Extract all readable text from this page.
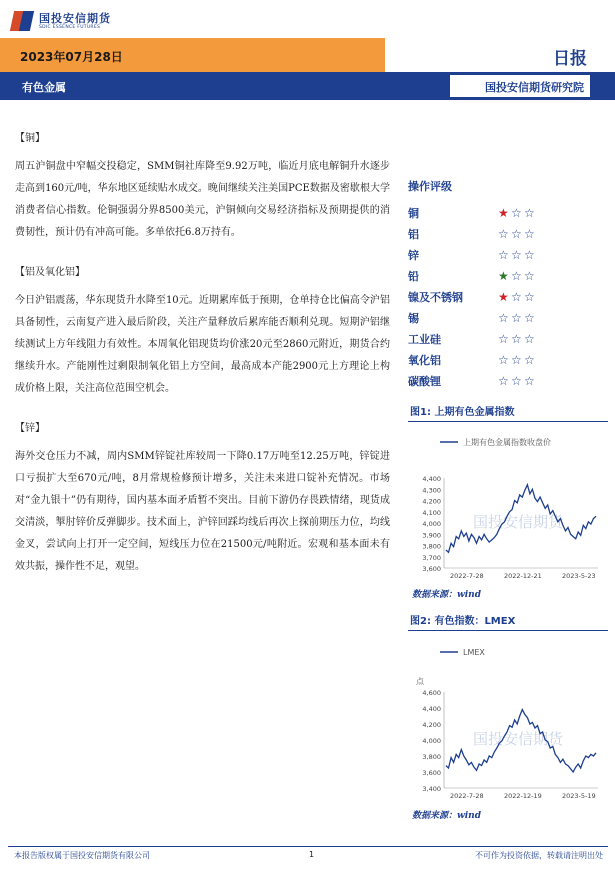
国投安信期货
SDIC ESSENCE FUTURES
2023年07月28日	日报
有色金属	国投安信期货研究院
【铜】

周五沪铜盘中窄幅交投稳定，SMM铜社库降至9.92万吨，临近月底电解铜升水逐步走高到160元/吨，华东地区延续贴水成交。晚间继续关注美国PCE数据及密歇根大学消费者信心指数。伦铜强弱分界8500美元，沪铜倾向交易经济指标及预期提供的消费韧性，预计仍有冲高可能。多单依托6.8万持有。

【铝及氧化铝】

今日沪铝震荡，华东现货升水降至10元。近期累库低于预期，仓单持仓比偏高令沪铝具备韧性，云南复产进入最后阶段，关注产量释放后累库能否顺利兑现。短期沪铝继续测试上方年线阻力有效性。本周氧化铝现货均价涨20元至2860元附近，期货合约继续升水。产能刚性过剩限制氧化铝上方空间，最高成本产能2900元上方理论上构成价格上限，关注高位范围空机会。

【锌】

海外交仓压力不减，周内SMM锌锭社库较周一下降0.17万吨至12.25万吨，锌锭进口亏损扩大至670元/吨，8月常规检修预计增多，关注未来进口锭补充情况。市场对“金九银十”仍有期待，国内基本面矛盾暂不突出。目前下游仍存畏跌情绪，现货成交清淡，掣肘锌价反弹脚步。技术面上，沪锌回踩均线后再次上探前期压力位，均线金叉，尝试向上打开一定空间，短线压力位在21500元/吨附近。宏观和基本面未有效共振，操作性不足，观望。

操作评级
铜	★ ☆ ☆
铝	☆ ☆ ☆
锌	☆ ☆ ☆
铅	★ ☆ ☆
镍及不锈钢	★ ☆ ☆
锡	☆ ☆ ☆
工业硅	☆ ☆ ☆
氧化铝	☆ ☆ ☆
碳酸锂	☆ ☆ ☆
图1: 上期有色金属指数
上期有色金属指数收盘价
国投安信期货
3,600
3,700
3,800
3,900
4,000
4,100
4,200
4,300
4,400
2022-7-28	2022-12-21	2023-5-23
数据来源：wind
图2: 有色指数：LMEX
LMEX
点
国投安信期货
3,400
3,600
3,800
4,000
4,200
4,400
4,600
2022-7-28	2022-12-19	2023-5-19
数据来源：wind
本报告版权属于国投安信期货有限公司	1	不可作为投资依据，转载请注明出处
